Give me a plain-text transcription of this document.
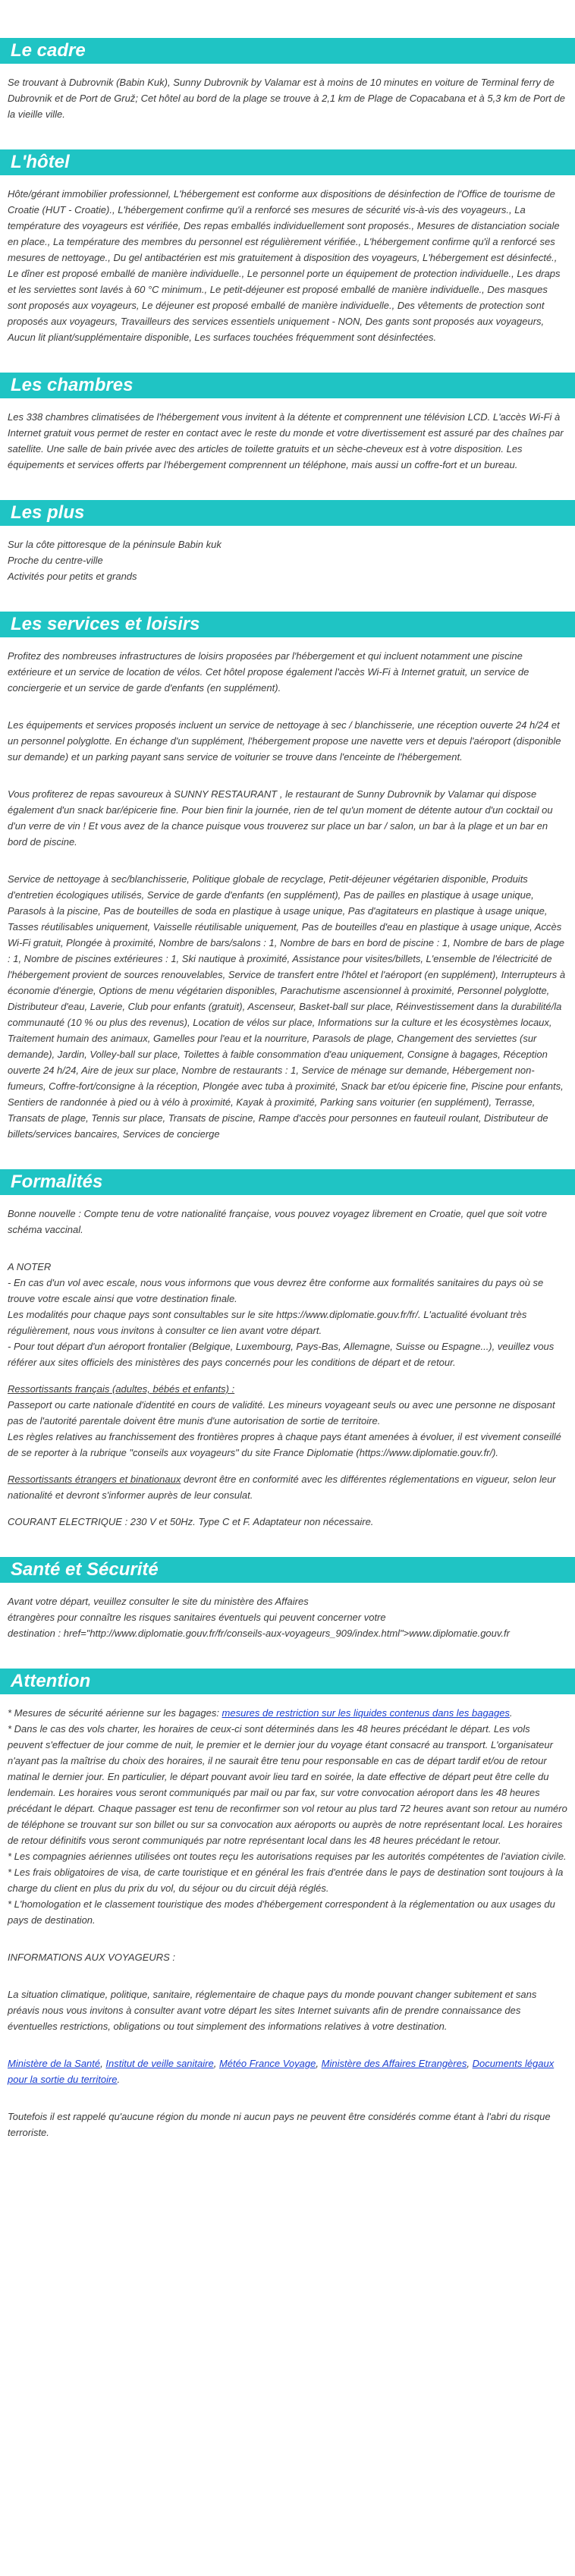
Le cadre

Se trouvant à Dubrovnik (Babin Kuk), Sunny Dubrovnik by Valamar est à moins de 10 minutes en voiture de Terminal ferry de Dubrovnik et de Port de Gruž; Cet hôtel au bord de la plage se trouve à 2,1 km de Plage de Copacabana et à 5,3 km de Port de la vieille ville.

L'hôtel

Hôte/gérant immobilier professionnel, L'hébergement est conforme aux dispositions de désinfection de l'Office de tourisme de Croatie (HUT - Croatie)., L'hébergement confirme qu'il a renforcé ses mesures de sécurité vis-à-vis des voyageurs., La température des voyageurs est vérifiée, Des repas emballés individuellement sont proposés., Mesures de distanciation sociale en place., La température des membres du personnel est régulièrement vérifiée., L'hébergement confirme qu'il a renforcé ses mesures de nettoyage., Du gel antibactérien est mis gratuitement à disposition des voyageurs, L'hébergement est désinfecté., Le dîner est proposé emballé de manière individuelle., Le personnel porte un équipement de protection individuelle., Les draps et les serviettes sont lavés à 60 °C minimum., Le petit-déjeuner est proposé emballé de manière individuelle., Des masques sont proposés aux voyageurs, Le déjeuner est proposé emballé de manière individuelle., Des vêtements de protection sont proposés aux voyageurs, Travailleurs des services essentiels uniquement - NON, Des gants sont proposés aux voyageurs, Aucun lit pliant/supplémentaire disponible, Les surfaces touchées fréquemment sont désinfectées.

Les chambres

Les 338 chambres climatisées de l'hébergement vous invitent à la détente et comprennent une télévision LCD. L'accès Wi-Fi à Internet gratuit vous permet de rester en contact avec le reste du monde et votre divertissement est assuré par des chaînes par satellite. Une salle de bain privée avec des articles de toilette gratuits et un sèche-cheveux est à votre disposition. Les équipements et services offerts par l'hébergement comprennent un téléphone, mais aussi un coffre-fort et un bureau.

Les plus

Sur la côte pittoresque de la péninsule Babin kuk

Proche du centre-ville

Activités pour petits et grands

Les services et loisirs

Profitez des nombreuses infrastructures de loisirs proposées par l'hébergement et qui incluent notamment une piscine extérieure et un service de location de vélos. Cet hôtel propose également l'accès Wi-Fi à Internet gratuit, un service de conciergerie et un service de garde d'enfants (en supplément).

Les équipements et services proposés incluent un service de nettoyage à sec / blanchisserie, une réception ouverte 24 h/24 et un personnel polyglotte. En échange d'un supplément, l'hébergement propose une navette vers et depuis l'aéroport (disponible sur demande) et un parking payant sans service de voiturier se trouve dans l'enceinte de l'hébergement.

Vous profiterez de repas savoureux à SUNNY RESTAURANT , le restaurant de Sunny Dubrovnik by Valamar qui dispose également d'un snack bar/épicerie fine. Pour bien finir la journée, rien de tel qu'un moment de détente autour d'un cocktail ou d'un verre de vin ! Et vous avez de la chance puisque vous trouverez sur place un bar / salon, un bar à la plage et un bar en bord de piscine.

Service de nettoyage à sec/blanchisserie, Politique globale de recyclage, Petit-déjeuner végétarien disponible, Produits d'entretien écologiques utilisés, Service de garde d'enfants (en supplément), Pas de pailles en plastique à usage unique, Parasols à la piscine, Pas de bouteilles de soda en plastique à usage unique, Pas d'agitateurs en plastique à usage unique, Tasses réutilisables uniquement, Vaisselle réutilisable uniquement, Pas de bouteilles d'eau en plastique à usage unique, Accès Wi-Fi gratuit, Plongée à proximité, Nombre de bars/salons : 1, Nombre de bars en bord de piscine : 1, Nombre de bars de plage : 1, Nombre de piscines extérieures : 1, Ski nautique à proximité, Assistance pour visites/billets, L'ensemble de l'électricité de l'hébergement provient de sources renouvelables, Service de transfert entre l'hôtel et l'aéroport (en supplément), Interrupteurs à économie d'énergie, Options de menu végétarien disponibles, Parachutisme ascensionnel à proximité, Personnel polyglotte, Distributeur d'eau, Laverie, Club pour enfants (gratuit), Ascenseur, Basket-ball sur place, Réinvestissement dans la durabilité/la communauté (10 % ou plus des revenus), Location de vélos sur place, Informations sur la culture et les écosystèmes locaux, Traitement humain des animaux, Gamelles pour l'eau et la nourriture, Parasols de plage, Changement des serviettes (sur demande), Jardin, Volley-ball sur place, Toilettes à faible consommation d'eau uniquement, Consigne à bagages, Réception ouverte 24 h/24, Aire de jeux sur place, Nombre de restaurants : 1, Service de ménage sur demande, Hébergement non-fumeurs, Coffre-fort/consigne à la réception, Plongée avec tuba à proximité, Snack bar et/ou épicerie fine, Piscine pour enfants, Sentiers de randonnée à pied ou à vélo à proximité, Kayak à proximité, Parking sans voiturier (en supplément), Terrasse, Transats de plage, Tennis sur place, Transats de piscine, Rampe d'accès pour personnes en fauteuil roulant, Distributeur de billets/services bancaires, Services de concierge

Formalités

Bonne nouvelle : Compte tenu de votre nationalité française, vous pouvez voyagez librement en Croatie, quel que soit votre schéma vaccinal.

A NOTER

- En cas d'un vol avec escale, nous vous informons que vous devrez être conforme aux formalités sanitaires du pays où se trouve votre escale ainsi que votre destination finale.

Les modalités pour chaque pays sont consultables sur le site https://www.diplomatie.gouv.fr/fr/. L'actualité évoluant très régulièrement, nous vous invitons à consulter ce lien avant votre départ.

- Pour tout départ d'un aéroport frontalier (Belgique, Luxembourg, Pays-Bas, Allemagne, Suisse ou Espagne...), veuillez vous référer aux sites officiels des ministères des pays concernés pour les conditions de départ et de retour.

Ressortissants français (adultes, bébés et enfants) :

Passeport ou carte nationale d'identité en cours de validité. Les mineurs voyageant seuls ou avec une personne ne disposant pas de l'autorité parentale doivent être munis d'une autorisation de sortie de territoire.

Les règles relatives au franchissement des frontières propres à chaque pays étant amenées à évoluer, il est vivement conseillé de se reporter à la rubrique "conseils aux voyageurs" du site France Diplomatie (https://www.diplomatie.gouv.fr/).

Ressortissants étrangers et binationaux devront être en conformité avec les différentes réglementations en vigueur, selon leur nationalité et devront s'informer auprès de leur consulat.

COURANT ELECTRIQUE : 230 V et 50Hz. Type C et F. Adaptateur non nécessaire.

Santé et Sécurité

Avant votre départ, veuillez consulter le site du ministère des Affaires

étrangères pour connaître les risques sanitaires éventuels qui peuvent concerner votre

destination : href="http://www.diplomatie.gouv.fr/fr/conseils-aux-voyageurs_909/index.html">www.diplomatie.gouv.fr

Attention

* Mesures de sécurité aérienne sur les bagages: mesures de restriction sur les liquides contenus dans les bagages.

* Dans le cas des vols charter, les horaires de ceux-ci sont déterminés dans les 48 heures précédant le départ. Les vols peuvent s'effectuer de jour comme de nuit, le premier et le dernier jour du voyage étant consacré au transport. L'organisateur n'ayant pas la maîtrise du choix des horaires, il ne saurait être tenu pour responsable en cas de départ tardif et/ou de retour matinal le dernier jour. En particulier, le départ pouvant avoir lieu tard en soirée, la date effective de départ peut être celle du lendemain. Les horaires vous seront communiqués par mail ou par fax, sur votre convocation aéroport dans les 48 heures précédant le départ. Chaque passager est tenu de reconfirmer son vol retour au plus tard 72 heures avant son retour au numéro de téléphone se trouvant sur son billet ou sur sa convocation aux aéroports ou auprès de notre représentant local. Les horaires de retour définitifs vous seront communiqués par notre représentant local dans les 48 heures précédant le retour.

* Les compagnies aériennes utilisées ont toutes reçu les autorisations requises par les autorités compétentes de l'aviation civile.

* Les frais obligatoires de visa, de carte touristique et en général les frais d'entrée dans le pays de destination sont toujours à la charge du client en plus du prix du vol, du séjour ou du circuit déjà réglés.

* L'homologation et le classement touristique des modes d'hébergement correspondent à la réglementation ou aux usages du pays de destination.

INFORMATIONS AUX VOYAGEURS :

La situation climatique, politique, sanitaire, réglementaire de chaque pays du monde pouvant changer subitement et sans préavis nous vous invitons à consulter avant votre départ les sites Internet suivants afin de prendre connaissance des éventuelles restrictions, obligations ou tout simplement des informations relatives à votre destination.

Ministère de la Santé, Institut de veille sanitaire, Météo France Voyage, Ministère des Affaires Etrangères, Documents légaux pour la sortie du territoire.

Toutefois il est rappelé qu'aucune région du monde ni aucun pays ne peuvent être considérés comme étant à l'abri du risque terroriste.
